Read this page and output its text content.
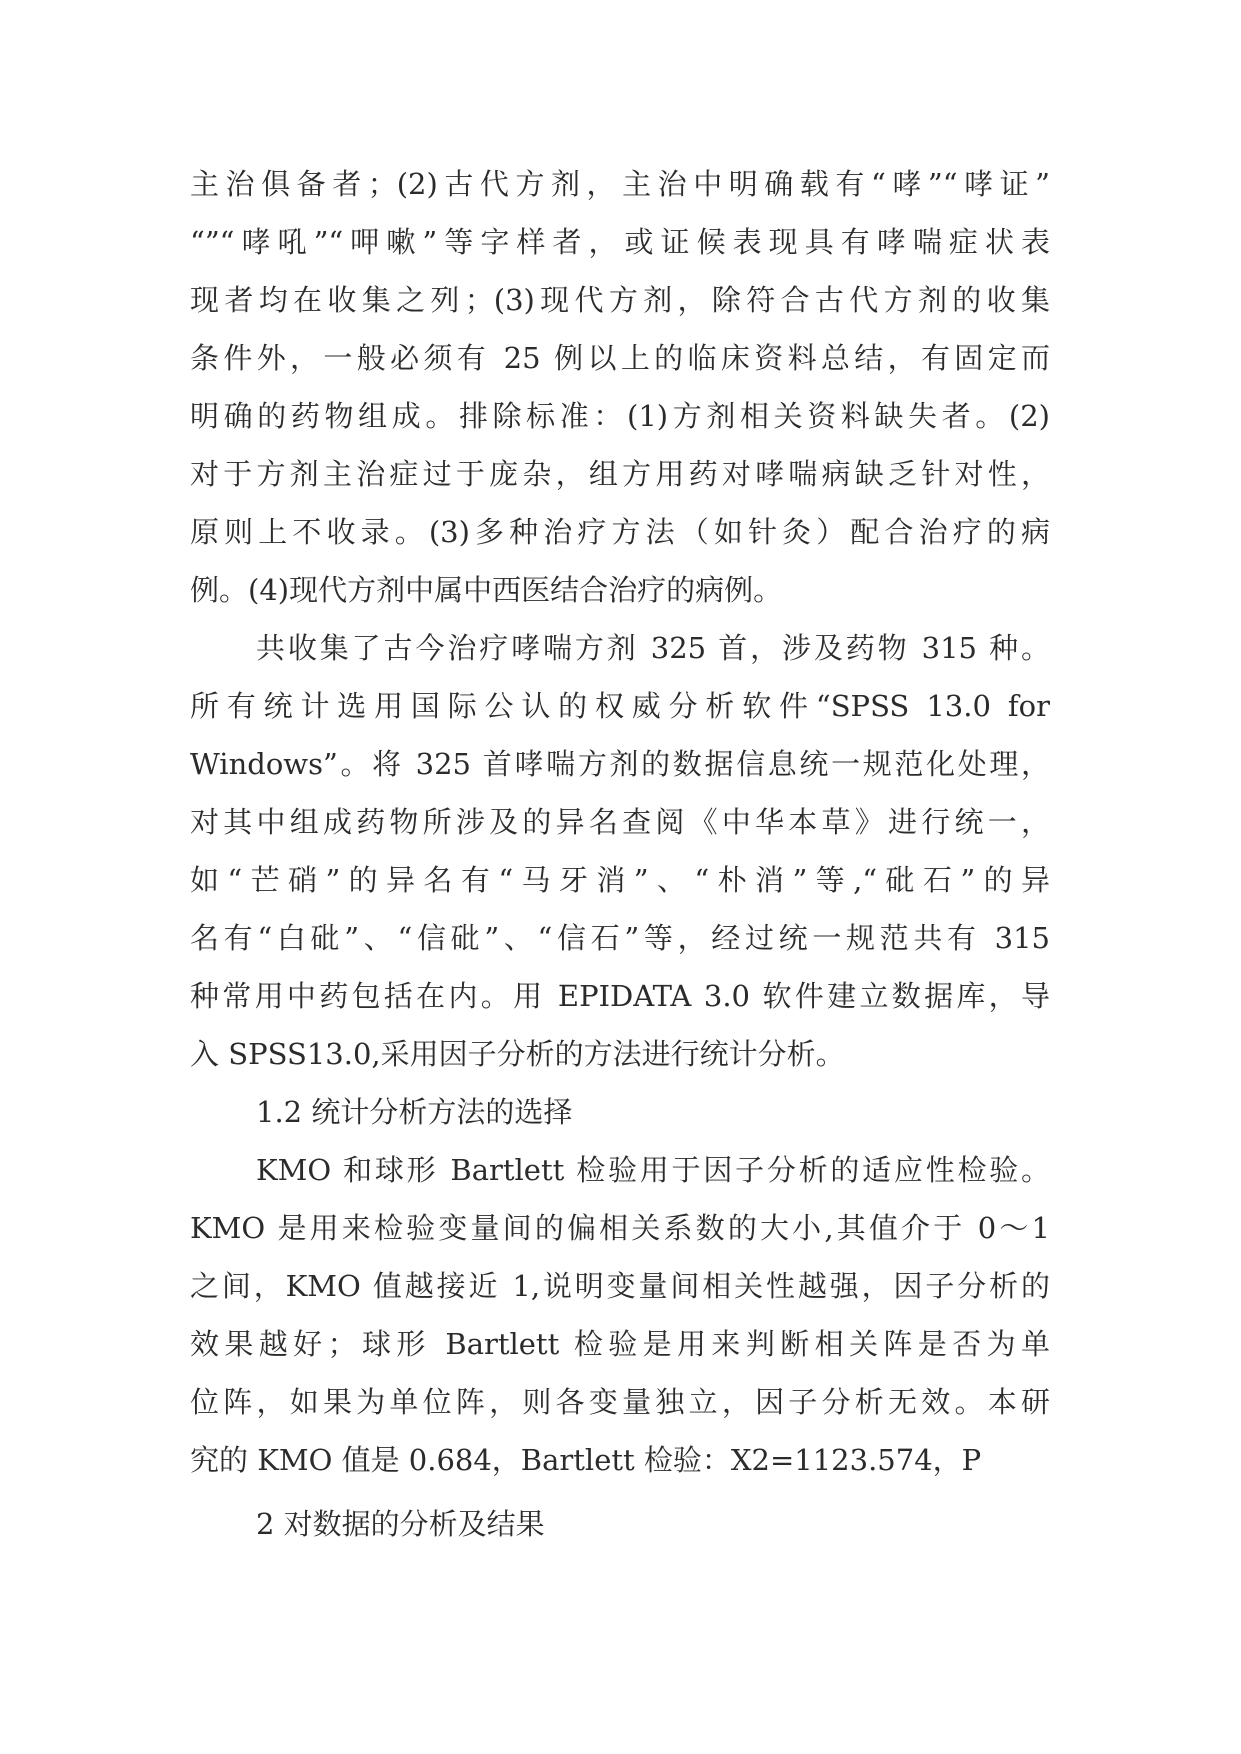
主治俱备者；(2)古代方剂，主治中明确载有“哮”“哮证”
“”“哮吼”“呷嗽”等字样者，或证候表现具有哮喘症状表
现者均在收集之列；(3)现代方剂，除符合古代方剂的收集
条件外，一般必须有 25 例以上的临床资料总结，有固定而
明确的药物组成。排除标准：(1)方剂相关资料缺失者。(2)
对于方剂主治症过于庞杂，组方用药对哮喘病缺乏针对性，
原则上不收录。(3)多种治疗方法（如针灸）配合治疗的病
例。(4)现代方剂中属中西医结合治疗的病例。
共收集了古今治疗哮喘方剂 325 首，涉及药物 315 种。
所有统计选用国际公认的权威分析软件“SPSS 13.0 for
Windows”。将 325 首哮喘方剂的数据信息统一规范化处理，
对其中组成药物所涉及的异名查阅《中华本草》进行统一，
如“芒硝”的异名有“马牙消”、“朴消”等,“砒石”的异
名有“白砒”、“信砒”、“信石”等，经过统一规范共有 315
种常用中药包括在内。用 EPIDATA 3.0 软件建立数据库，导
入 SPSS13.0,采用因子分析的方法进行统计分析。
1.2 统计分析方法的选择
KMO 和球形 Bartlett 检验用于因子分析的适应性检验。
KMO 是用来检验变量间的偏相关系数的大小,其值介于 0～1
之间，KMO 值越接近 1,说明变量间相关性越强，因子分析的
效果越好；球形 Bartlett 检验是用来判断相关阵是否为单
位阵，如果为单位阵，则各变量独立，因子分析无效。本研
究的 KMO 值是 0.684，Bartlett 检验：X2=1123.574，P
2 对数据的分析及结果
